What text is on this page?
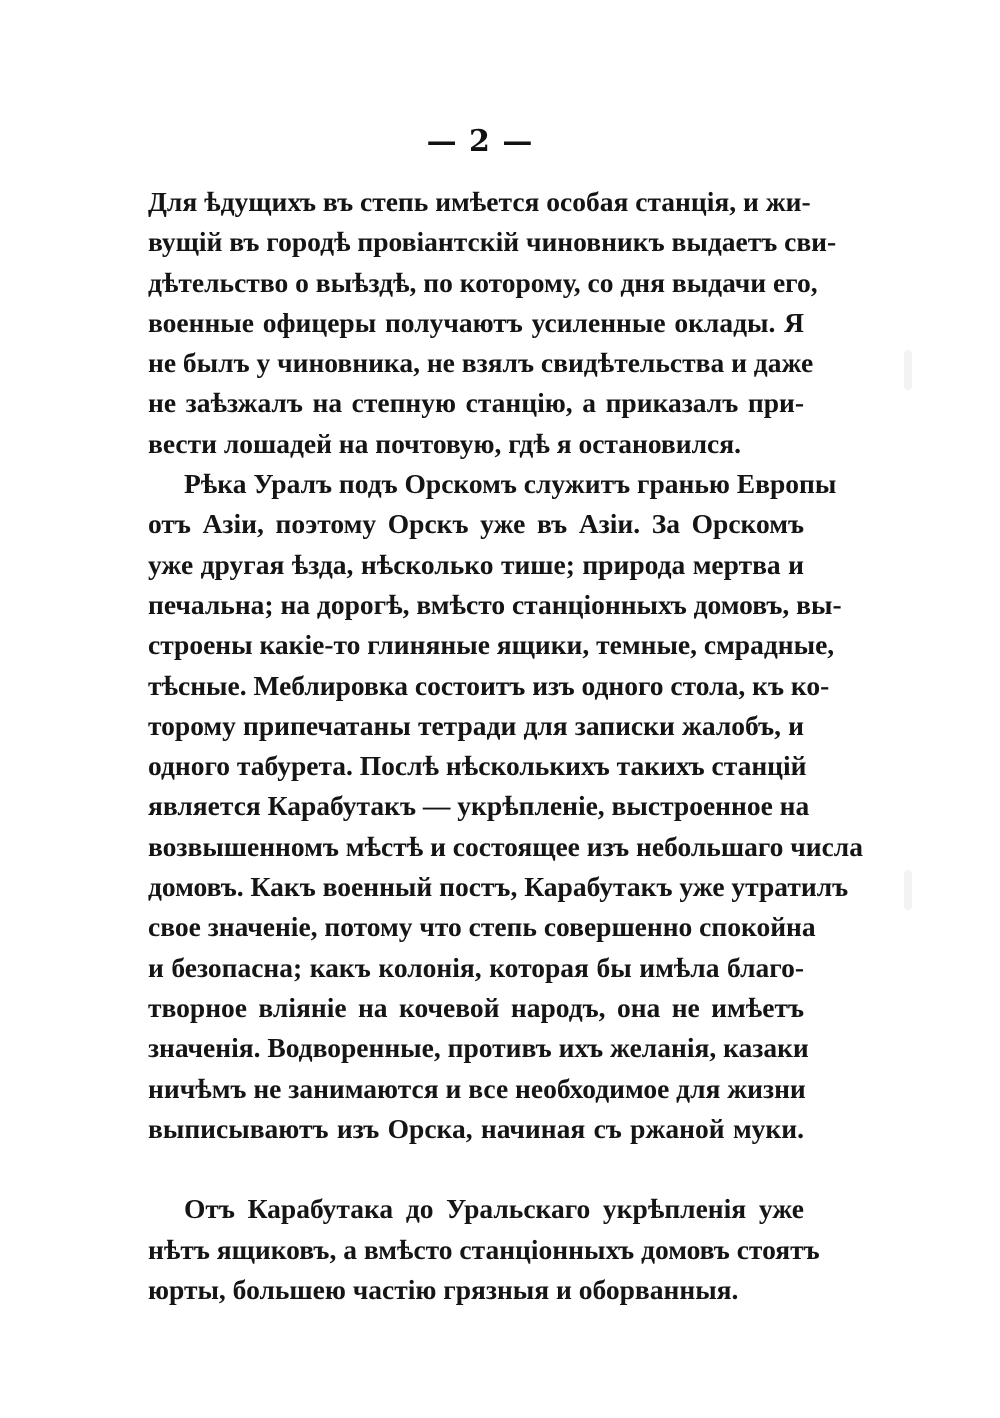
— 2 —
Для ѣдущихъ въ степь имѣется особая станція, и жи-
вущій въ городѣ провіантскій чиновникъ выдаетъ сви-
дѣтельство о выѣздѣ, по которому, со дня выдачи его,
военные офицеры получаютъ усиленные оклады. Я
не былъ у чиновника, не взялъ свидѣтельства и даже
не заѣзжалъ на степную станцію, а приказалъ при-
вести лошадей на почтовую, гдѣ я остановился.
Рѣка Уралъ подъ Орскомъ служитъ гранью Европы
отъ Азіи, поэтому Орскъ уже въ Азіи. За Орскомъ
уже другая ѣзда, нѣсколько тише; природа мертва и
печальна; на дорогѣ, вмѣсто станціонныхъ домовъ, вы-
строены какіе-то глиняные ящики, темные, смрадные,
тѣсные. Меблировка состоитъ изъ одного стола, къ ко-
торому припечатаны тетради для записки жалобъ, и
одного табурета. Послѣ нѣсколькихъ такихъ станцій
является Карабутакъ — укрѣпленіе, выстроенное на
возвышенномъ мѣстѣ и состоящее изъ небольшаго числа
домовъ. Какъ военный постъ, Карабутакъ уже утратилъ
свое значеніе, потому что степь совершенно спокойна
и безопасна; какъ колонія, которая бы имѣла благо-
творное вліяніе на кочевой народъ, она не имѣетъ
значенія. Водворенные, противъ ихъ желанія, казаки
ничѣмъ не занимаются и все необходимое для жизни
выписываютъ изъ Орска, начиная съ ржаной муки.
Отъ Карабутака до Уральскаго укрѣпленія уже
нѣтъ ящиковъ, а вмѣсто станціонныхъ домовъ стоятъ
юрты, большею частію грязныя и оборванныя.
